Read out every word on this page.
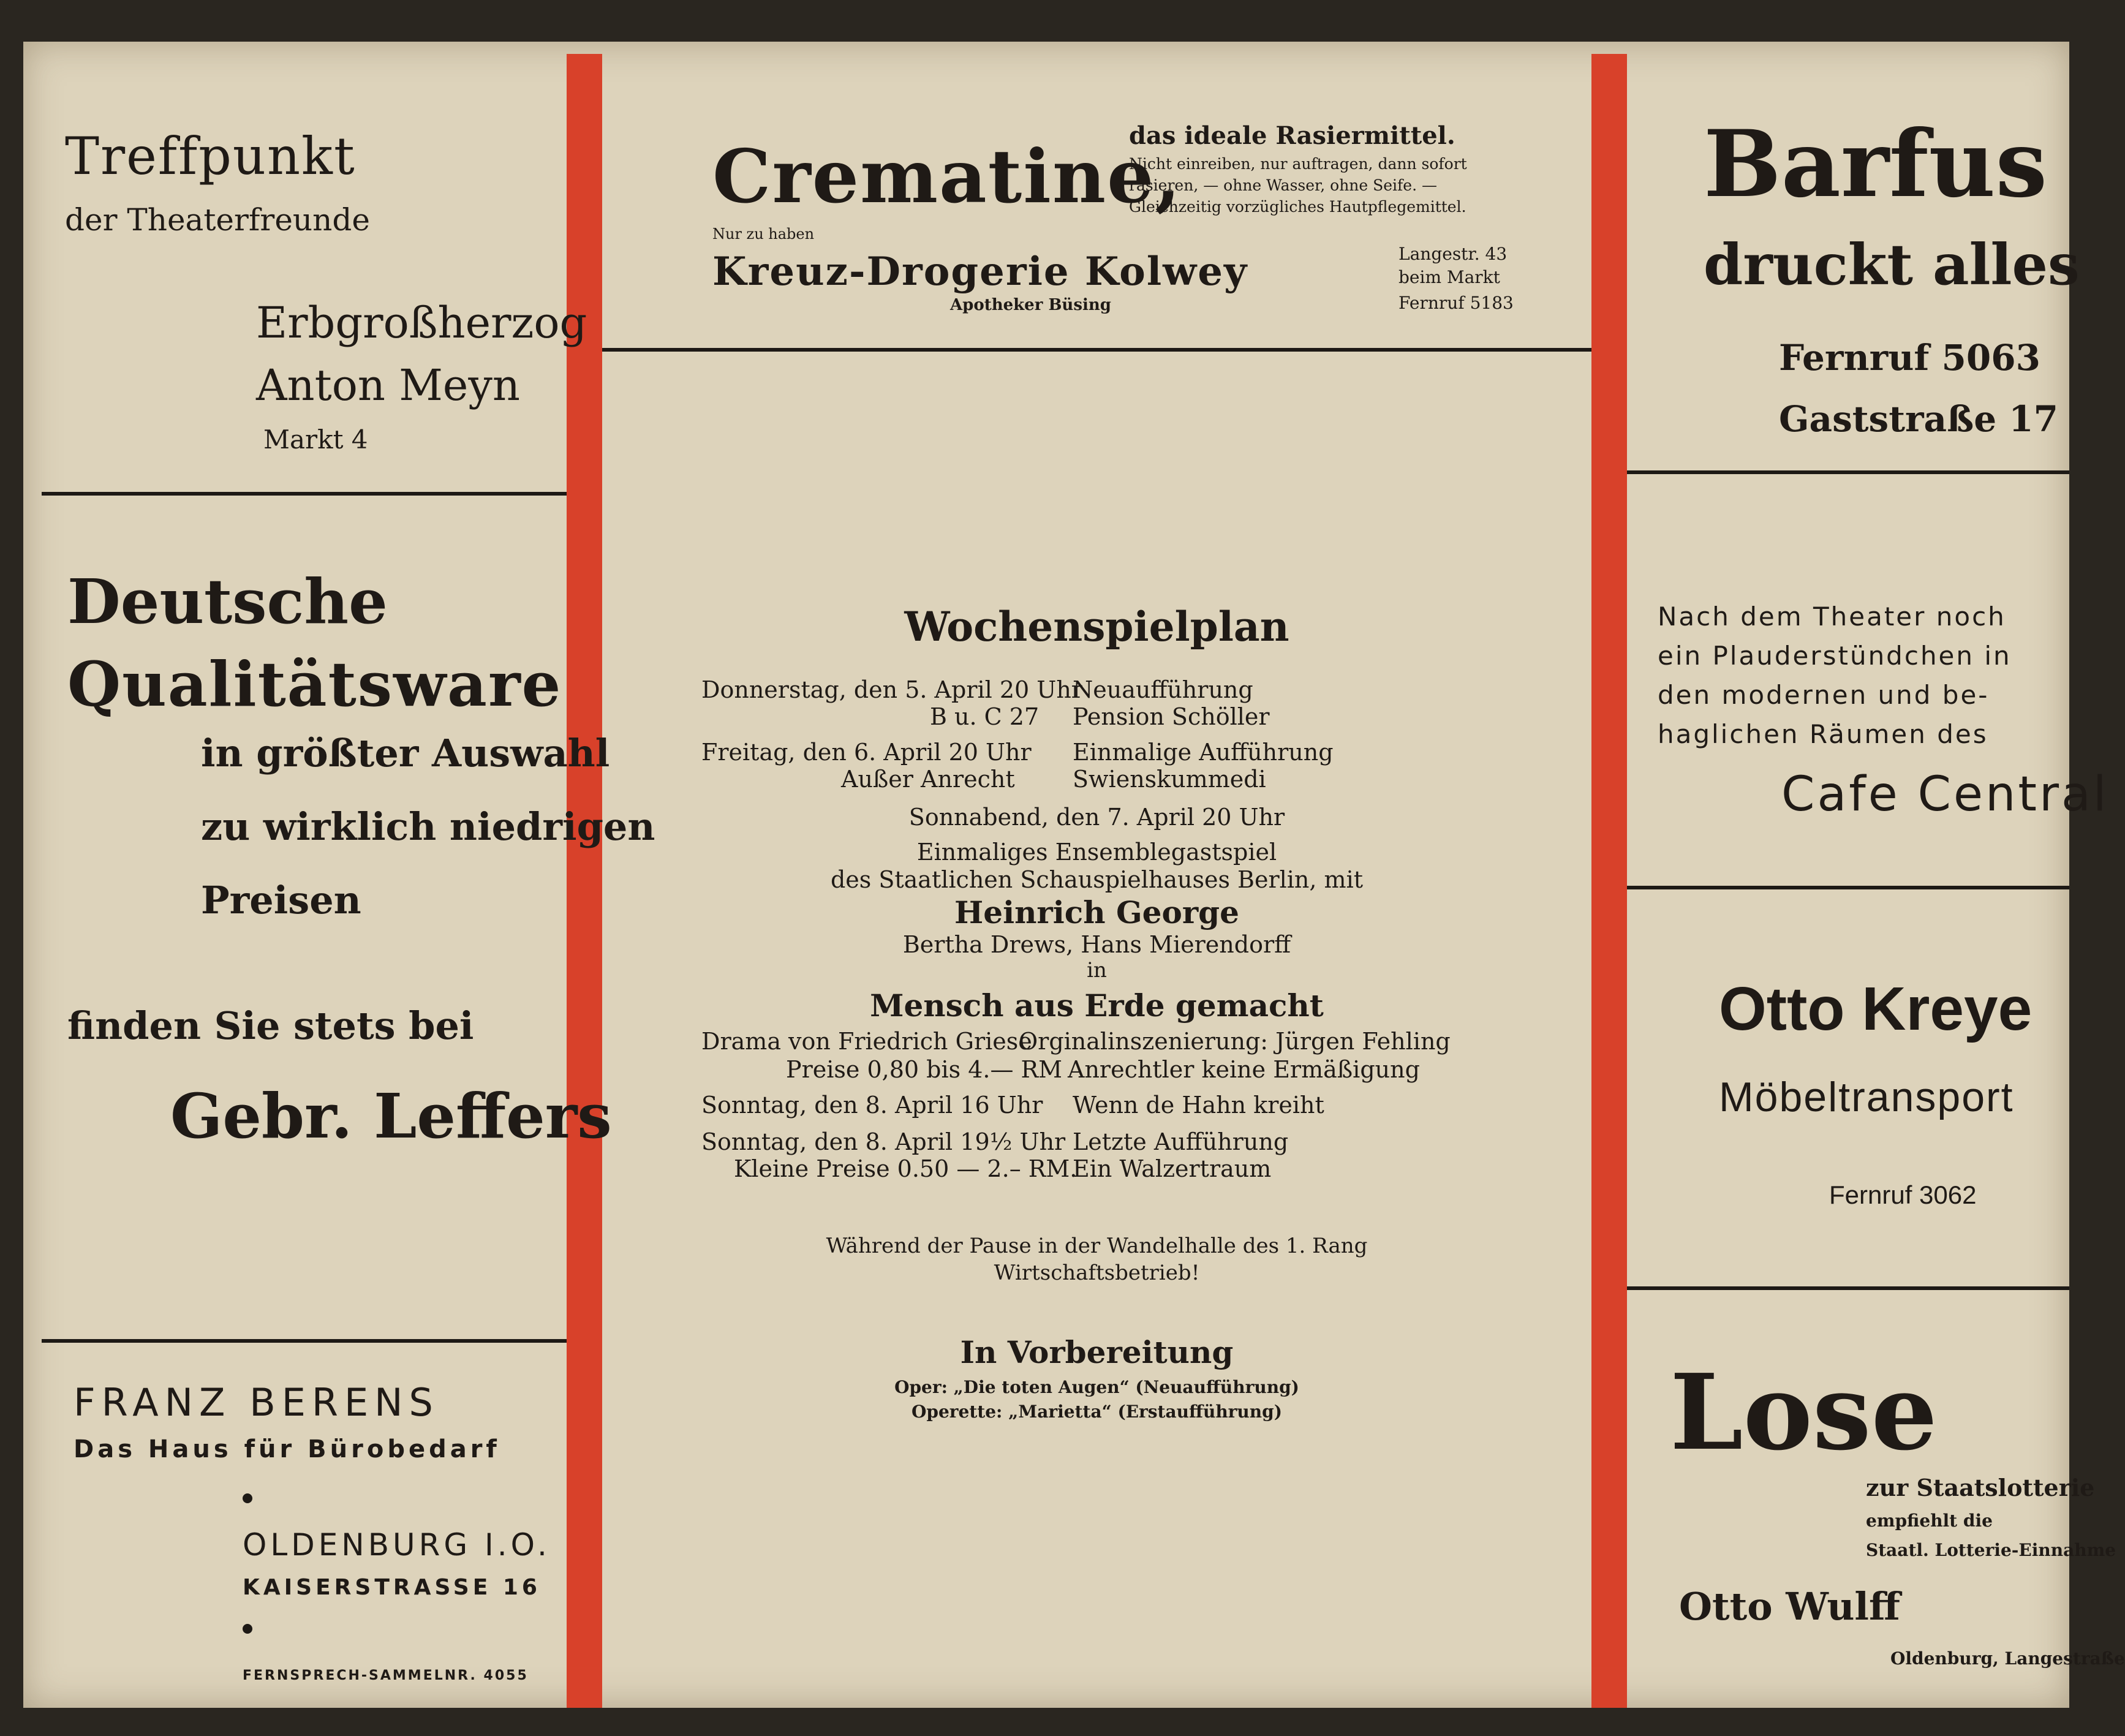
Treffpunkt
der Theaterfreunde
Erbgroßherzog
Anton Meyn
Markt 4
Deutsche
Qualitätsware
in größter Auswahl
zu wirklich niedrigen
Preisen
finden Sie stets bei
Gebr. Leffers
FRANZ BERENS
Das Haus für Bürobedarf
OLDENBURG I.O.
KAISERSTRASSE 16
FERNSPRECH-SAMMELNR. 4055
Crematine,
das ideale Rasiermittel.
Nicht einreiben, nur auftragen, dann sofort
rasieren, — ohne Wasser, ohne Seife. —
Gleichzeitig vorzügliches Hautpflegemittel.
Nur zu haben
Kreuz-Drogerie Kolwey
Apotheker Büsing
Langestr. 43
beim Markt
Fernruf 5183
Wochenspielplan
Donnerstag, den 5. April 20 Uhr
Neuaufführung
B u. C 27 Pension Schöller
Freitag, den 6. April 20 Uhr Einmalige Aufführung
Außer Anrecht Swienskummedi
Sonnabend, den 7. April 20 Uhr
Einmaliges Ensemblegastspiel
des Staatlichen Schauspielhauses Berlin, mit
Heinrich George
Bertha Drews, Hans Mierendorff
in
Mensch aus Erde gemacht
Drama von Friedrich Griese
Orginalinszenierung: Jürgen Fehling
Preise 0,80 bis 4.— RM Anrechtler keine Ermäßigung
Sonntag, den 8. April 16 Uhr Wenn de Hahn kreiht
Sonntag, den 8. April 19½ Uhr Letzte Aufführung
Kleine Preise 0.50 — 2.– RM.
Ein Walzertraum
Während der Pause in der Wandelhalle des 1. Rang
Wirtschaftsbetrieb!
In Vorbereitung
Oper: „Die toten Augen“ (Neuaufführung)
Operette: „Marietta“ (Erstaufführung)
Barfus
druckt alles
Fernruf 5063
Gaststraße 17
Nach dem Theater noch
ein Plauderstündchen in
den modernen und be-
haglichen Räumen des
Cafe Central
Otto Kreye
Möbeltransport
Fernruf 3062
Lose
zur Staatslotterie
empfiehlt die
Staatl. Lotterie-Einnahme
Otto Wulff
Oldenburg, Langestraße
